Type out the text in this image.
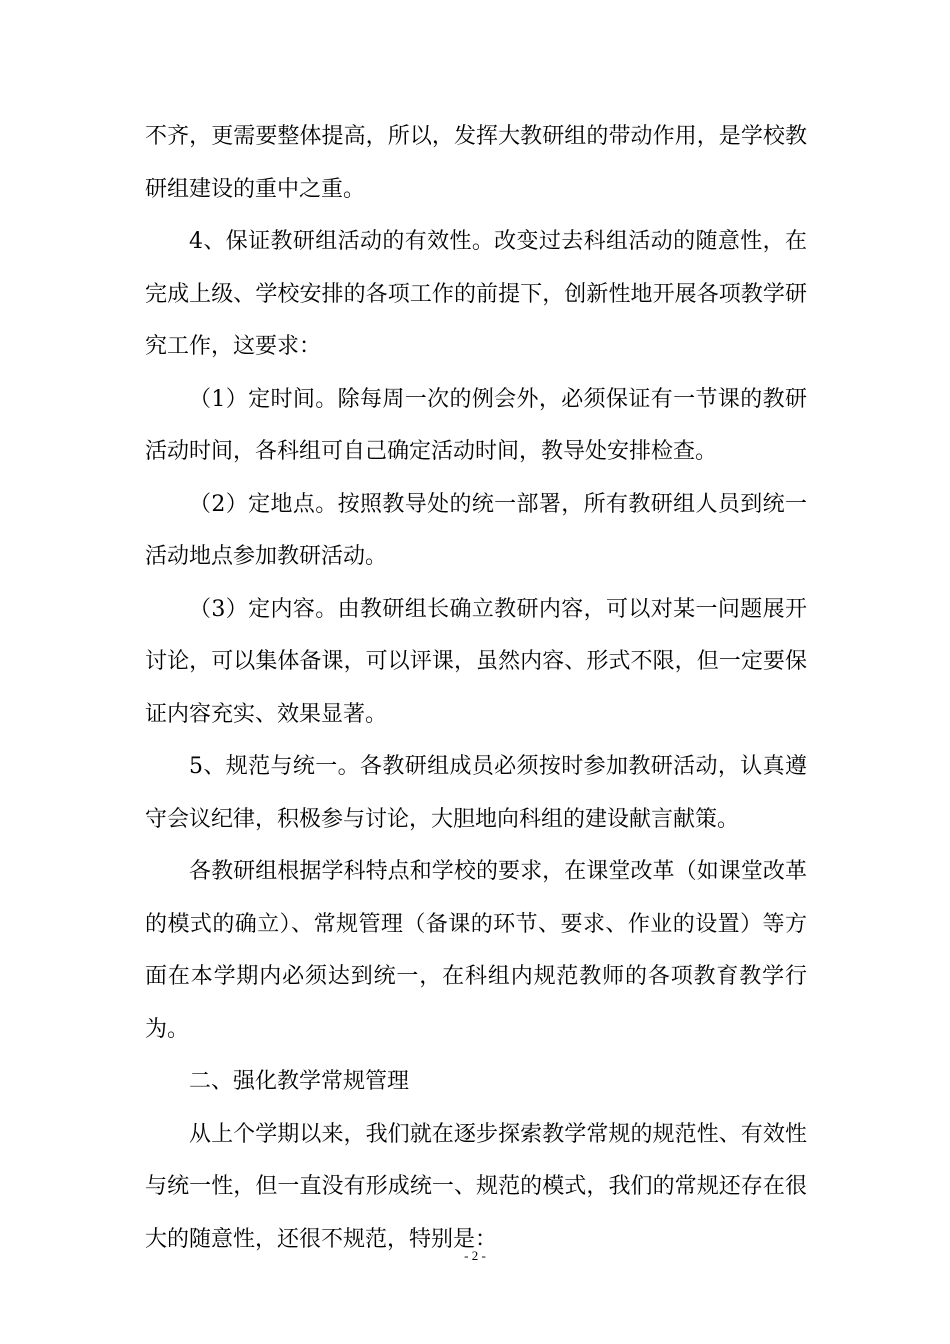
不齐，更需要整体提高，所以，发挥大教研组的带动作用，是学校教研组建设的重中之重。

4、保证教研组活动的有效性。改变过去科组活动的随意性，在完成上级、学校安排的各项工作的前提下，创新性地开展各项教学研究工作，这要求：

（1）定时间。除每周一次的例会外，必须保证有一节课的教研活动时间，各科组可自己确定活动时间，教导处安排检查。

（2）定地点。按照教导处的统一部署，所有教研组人员到统一活动地点参加教研活动。

（3）定内容。由教研组长确立教研内容，可以对某一问题展开讨论，可以集体备课，可以评课，虽然内容、形式不限，但一定要保证内容充实、效果显著。

5、规范与统一。各教研组成员必须按时参加教研活动，认真遵守会议纪律，积极参与讨论，大胆地向科组的建设献言献策。

各教研组根据学科特点和学校的要求，在课堂改革（如课堂改革的模式的确立）、常规管理（备课的环节、要求、作业的设置）等方面在本学期内必须达到统一，在科组内规范教师的各项教育教学行为。

二、强化教学常规管理

从上个学期以来，我们就在逐步探索教学常规的规范性、有效性与统一性，但一直没有形成统一、规范的模式，我们的常规还存在很大的随意性，还很不规范，特别是：

- 2 -
